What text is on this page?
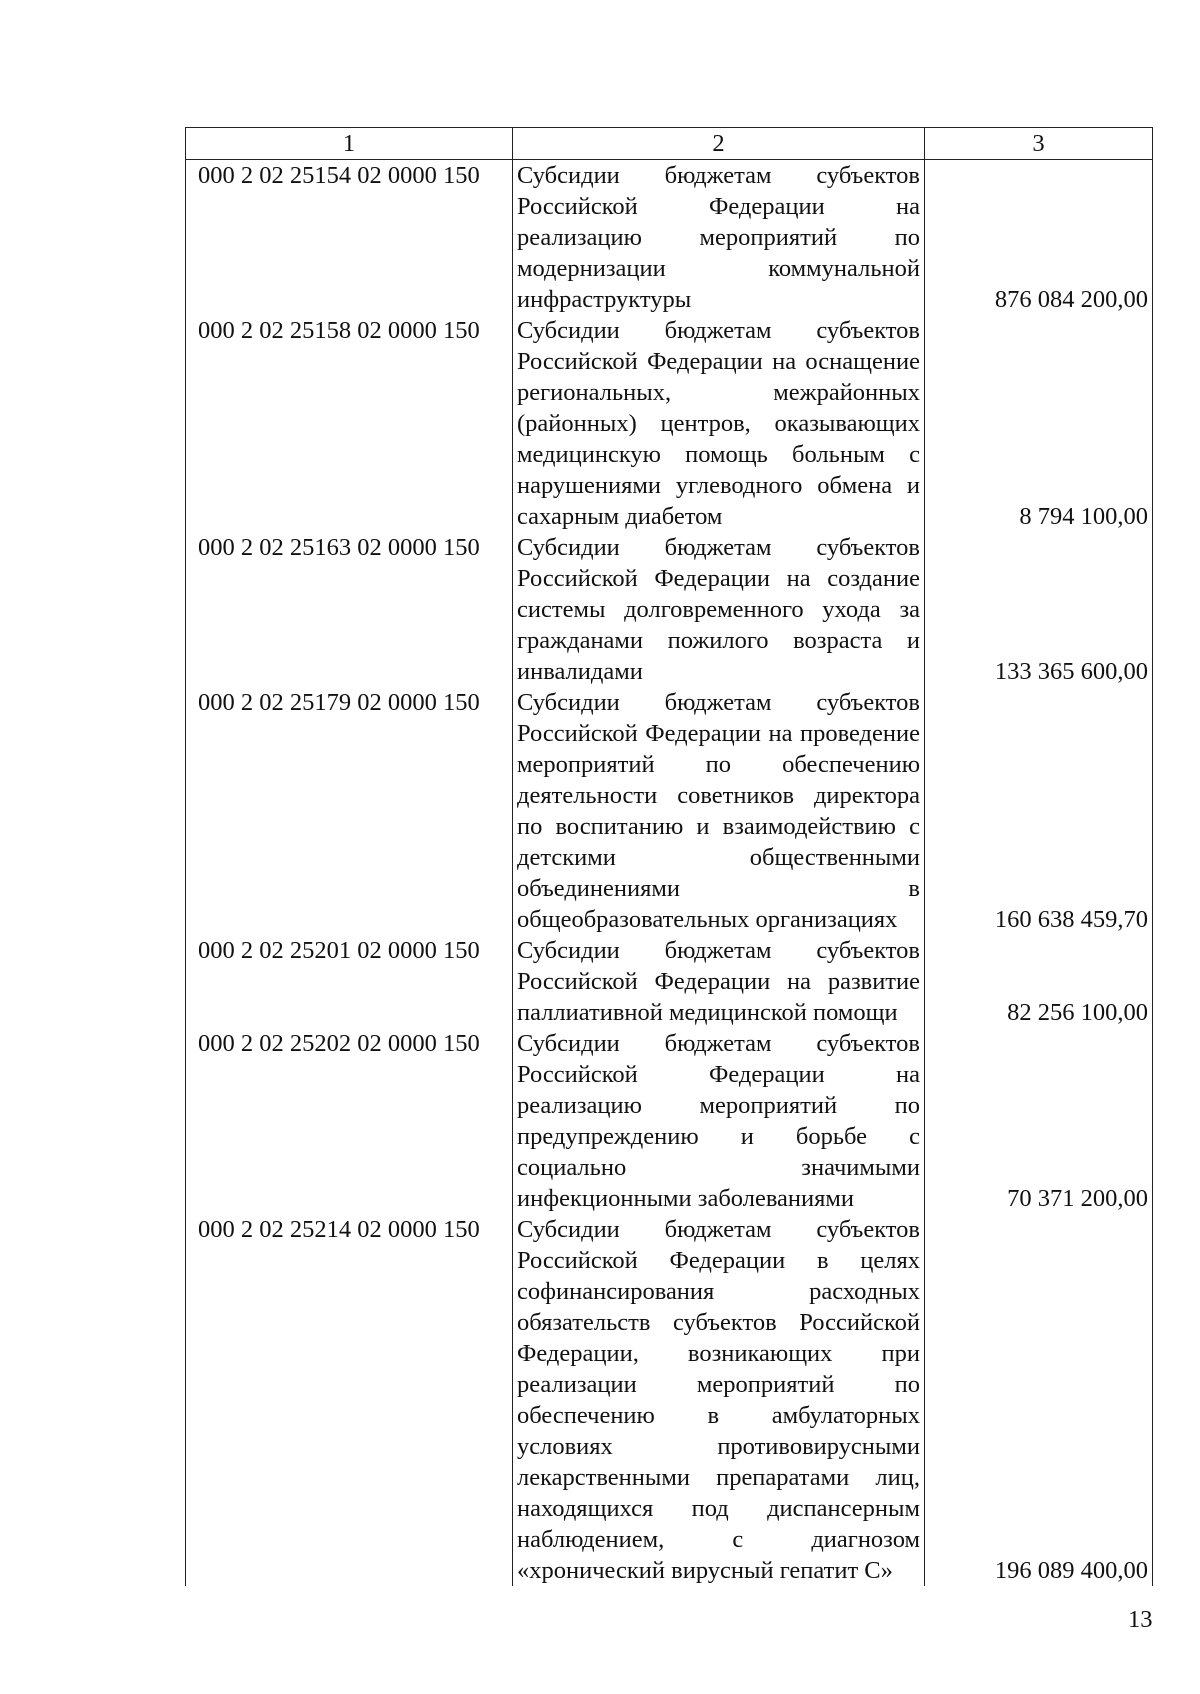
1	2	3
000 2 02 25154 02 0000 150	Субсидии бюджетам субъектов Российской Федерации на реализацию мероприятий по модернизации коммунальной инфраструктуры	876 084 200,00
000 2 02 25158 02 0000 150	Субсидии бюджетам субъектов Российской Федерации на оснащение региональных, межрайонных (районных) центров, оказывающих медицинскую помощь больным с нарушениями углеводного обмена и сахарным диабетом	8 794 100,00
000 2 02 25163 02 0000 150	Субсидии бюджетам субъектов Российской Федерации на создание системы долговременного ухода за гражданами пожилого возраста и инвалидами	133 365 600,00
000 2 02 25179 02 0000 150	Субсидии бюджетам субъектов Российской Федерации на проведение мероприятий по обеспечению деятельности советников директора по воспитанию и взаимодействию с детскими общественными объединениями в общеобразовательных организациях	160 638 459,70
000 2 02 25201 02 0000 150	Субсидии бюджетам субъектов Российской Федерации на развитие паллиативной медицинской помощи	82 256 100,00
000 2 02 25202 02 0000 150	Субсидии бюджетам субъектов Российской Федерации на реализацию мероприятий по предупреждению и борьбе с социально значимыми инфекционными заболеваниями	70 371 200,00
000 2 02 25214 02 0000 150	Субсидии бюджетам субъектов Российской Федерации в целях софинансирования расходных обязательств субъектов Российской Федерации, возникающих при реализации мероприятий по обеспечению в амбулаторных условиях противовирусными лекарственными препаратами лиц, находящихся под диспансерным наблюдением, с диагнозом «хронический вирусный гепатит С»	196 089 400,00
13
